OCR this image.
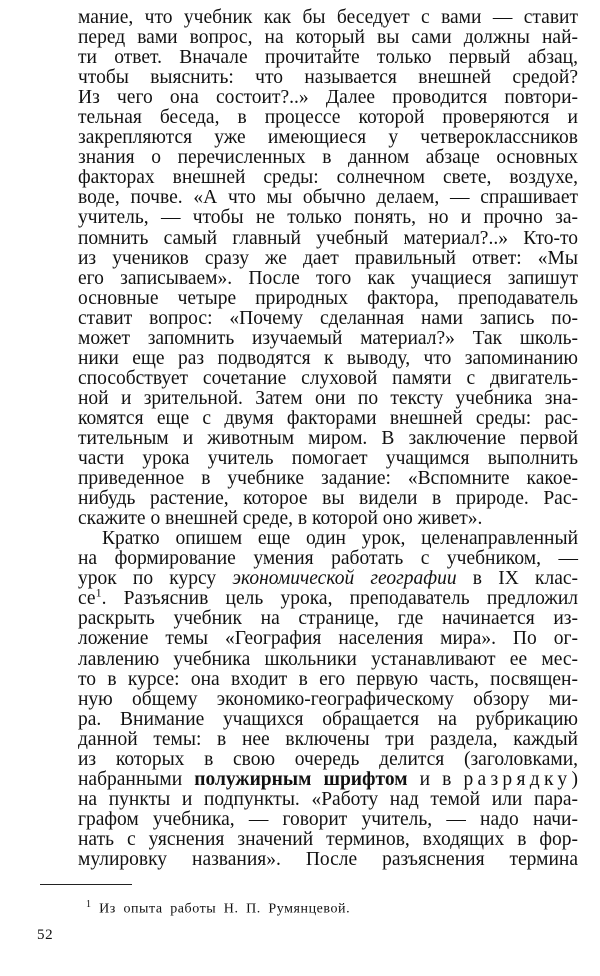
мание, что учебник как бы беседует с вами — ставит
перед вами вопрос, на который вы сами должны най-
ти ответ. Вначале прочитайте только первый абзац,
чтобы выяснить: что называется внешней средой?
Из чего она состоит?..» Далее проводится повтори-
тельная беседа, в процессе которой проверяются и
закрепляются уже имеющиеся у четвероклассников
знания о перечисленных в данном абзаце основных
факторах внешней среды: солнечном свете, воздухе,
воде, почве. «А что мы обычно делаем, — спрашивает
учитель, — чтобы не только понять, но и прочно за-
помнить самый главный учебный материал?..» Кто-то
из учеников сразу же дает правильный ответ: «Мы
его записываем». После того как учащиеся запишут
основные четыре природных фактора, преподаватель
ставит вопрос: «Почему сделанная нами запись по-
может запомнить изучаемый материал?» Так школь-
ники еще раз подводятся к выводу, что запоминанию
способствует сочетание слуховой памяти с двигатель-
ной и зрительной. Затем они по тексту учебника зна-
комятся еще с двумя факторами внешней среды: рас-
тительным и животным миром. В заключение первой
части урока учитель помогает учащимся выполнить
приведенное в учебнике задание: «Вспомните какое-
нибудь растение, которое вы видели в природе. Рас-
скажите о внешней среде, в которой оно живет».
Кратко опишем еще один урок, целенаправленный
на формирование умения работать с учебником, —
урок по курсу экономической географии в IX клас-
$се^1$. Разъяснив цель урока, преподаватель предложил
раскрыть учебник на странице, где начинается из-
ложение темы «География населения мира». По ог-
лавлению учебника школьники устанавливают ее мес-
то в курсе: она входит в его первую часть, посвящен-
ную общему экономико-географическому обзору ми-
ра. Внимание учащихся обращается на рубрикацию
данной темы: в нее включены три раздела, каждый
из которых в свою очередь делится (заголовками,
набранными полужирным шрифтом и в разрядку)
на пункты и подпункты. «Работу над темой или пара-
графом учебника, — говорит учитель, — надо начи-
нать с уяснения значений терминов, входящих в фор-
мулировку названия». После разъяснения термина
$^1$ Из опыта работы Н. П. Румянцевой.
52
